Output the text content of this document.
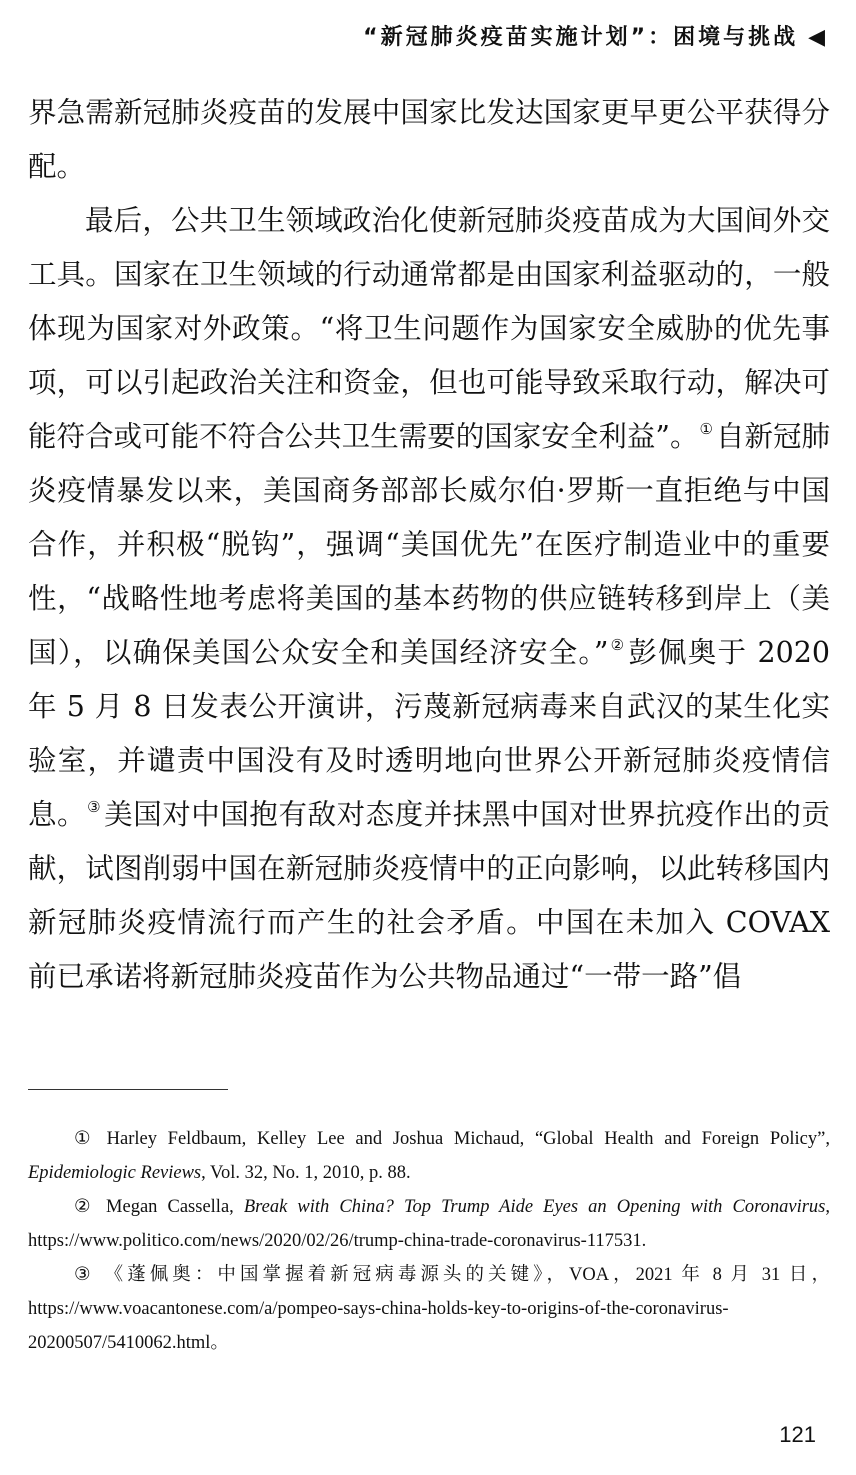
“新冠肺炎疫苗实施计划”：困境与挑战 ◀

界急需新冠肺炎疫苗的发展中国家比发达国家更早更公平获得分配。

最后，公共卫生领域政治化使新冠肺炎疫苗成为大国间外交工具。国家在卫生领域的行动通常都是由国家利益驱动的，一般体现为国家对外政策。“将卫生问题作为国家安全威胁的优先事项，可以引起政治关注和资金，但也可能导致采取行动，解决可能符合或可能不符合公共卫生需要的国家安全利益”。① 自新冠肺炎疫情暴发以来，美国商务部部长威尔伯·罗斯一直拒绝与中国合作，并积极“脱钩”，强调“美国优先”在医疗制造业中的重要性，“战略性地考虑将美国的基本药物的供应链转移到岸上（美国），以确保美国公众安全和美国经济安全。”② 彭佩奥于 2020 年 5 月 8 日发表公开演讲，污蔑新冠病毒来自武汉的某生化实验室，并谴责中国没有及时透明地向世界公开新冠肺炎疫情信息。③ 美国对中国抱有敌对态度并抹黑中国对世界抗疫作出的贡献，试图削弱中国在新冠肺炎疫情中的正向影响，以此转移国内新冠肺炎疫情流行而产生的社会矛盾。中国在未加入 COVAX 前已承诺将新冠肺炎疫苗作为公共物品通过“一带一路”倡

① Harley Feldbaum, Kelley Lee and Joshua Michaud, “Global Health and Foreign Policy”, Epidemiologic Reviews, Vol. 32, No. 1, 2010, p. 88.

② Megan Cassella, Break with China? Top Trump Aide Eyes an Opening with Coronavirus, https://www.politico.com/news/2020/02/26/trump-china-trade-coronavirus-117531.

③ 《蓬佩奥：中国掌握着新冠病毒源头的关键》，VOA，2021 年 8 月 31 日，https://www.voacantonese.com/a/pompeo-says-china-holds-key-to-origins-of-the-coronavirus-20200507/5410062.html。

121
